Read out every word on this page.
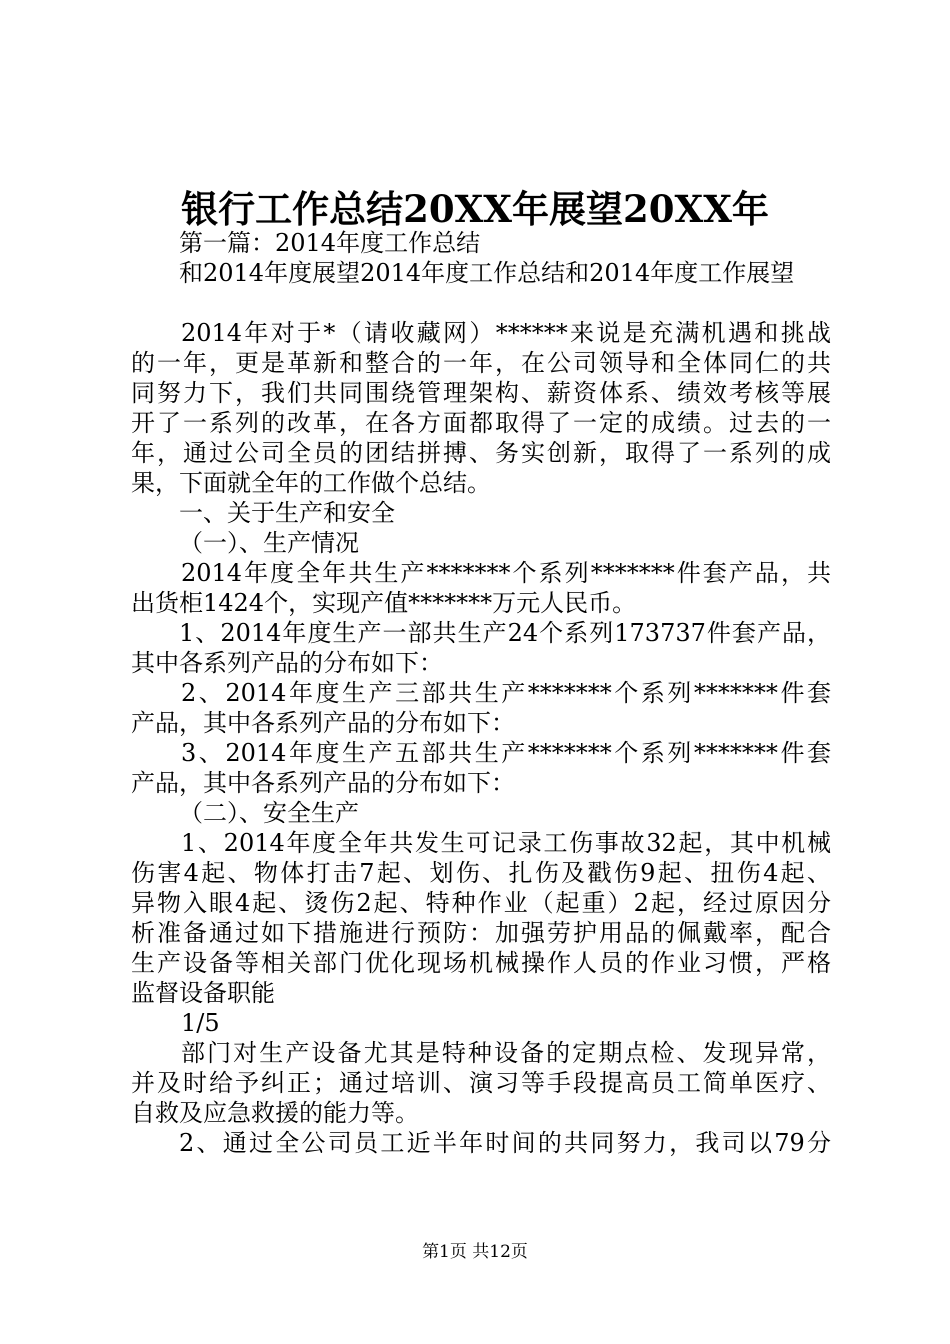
银行工作总结20XX年展望20XX年
第一篇：2014年度工作总结
和2014年度展望2014年度工作总结和2014年度工作展望
2014年对于*（请收藏网）******来说是充满机遇和挑战
的一年，更是革新和整合的一年，在公司领导和全体同仁的共
同努力下，我们共同围绕管理架构、薪资体系、绩效考核等展
开了一系列的改革，在各方面都取得了一定的成绩。过去的一
年，通过公司全员的团结拼搏、务实创新，取得了一系列的成
果，下面就全年的工作做个总结。
一、关于生产和安全
（一）、生产情况
2014年度全年共生产*******个系列*******件套产品，共
出货柜1424个，实现产值*******万元人民币。
1、2014年度生产一部共生产24个系列173737件套产品，
其中各系列产品的分布如下：
2、2014年度生产三部共生产*******个系列*******件套
产品，其中各系列产品的分布如下：
3、2014年度生产五部共生产*******个系列*******件套
产品，其中各系列产品的分布如下：
（二）、安全生产
1、2014年度全年共发生可记录工伤事故32起，其中机械
伤害4起、物体打击7起、划伤、扎伤及戳伤9起、扭伤4起、
异物入眼4起、烫伤2起、特种作业（起重）2起，经过原因分
析准备通过如下措施进行预防：加强劳护用品的佩戴率，配合
生产设备等相关部门优化现场机械操作人员的作业习惯，严格
监督设备职能
1/5
部门对生产设备尤其是特种设备的定期点检、发现异常，
并及时给予纠正；通过培训、演习等手段提高员工简单医疗、
自救及应急救援的能力等。
2、通过全公司员工近半年时间的共同努力，我司以79分
第1页 共12页
